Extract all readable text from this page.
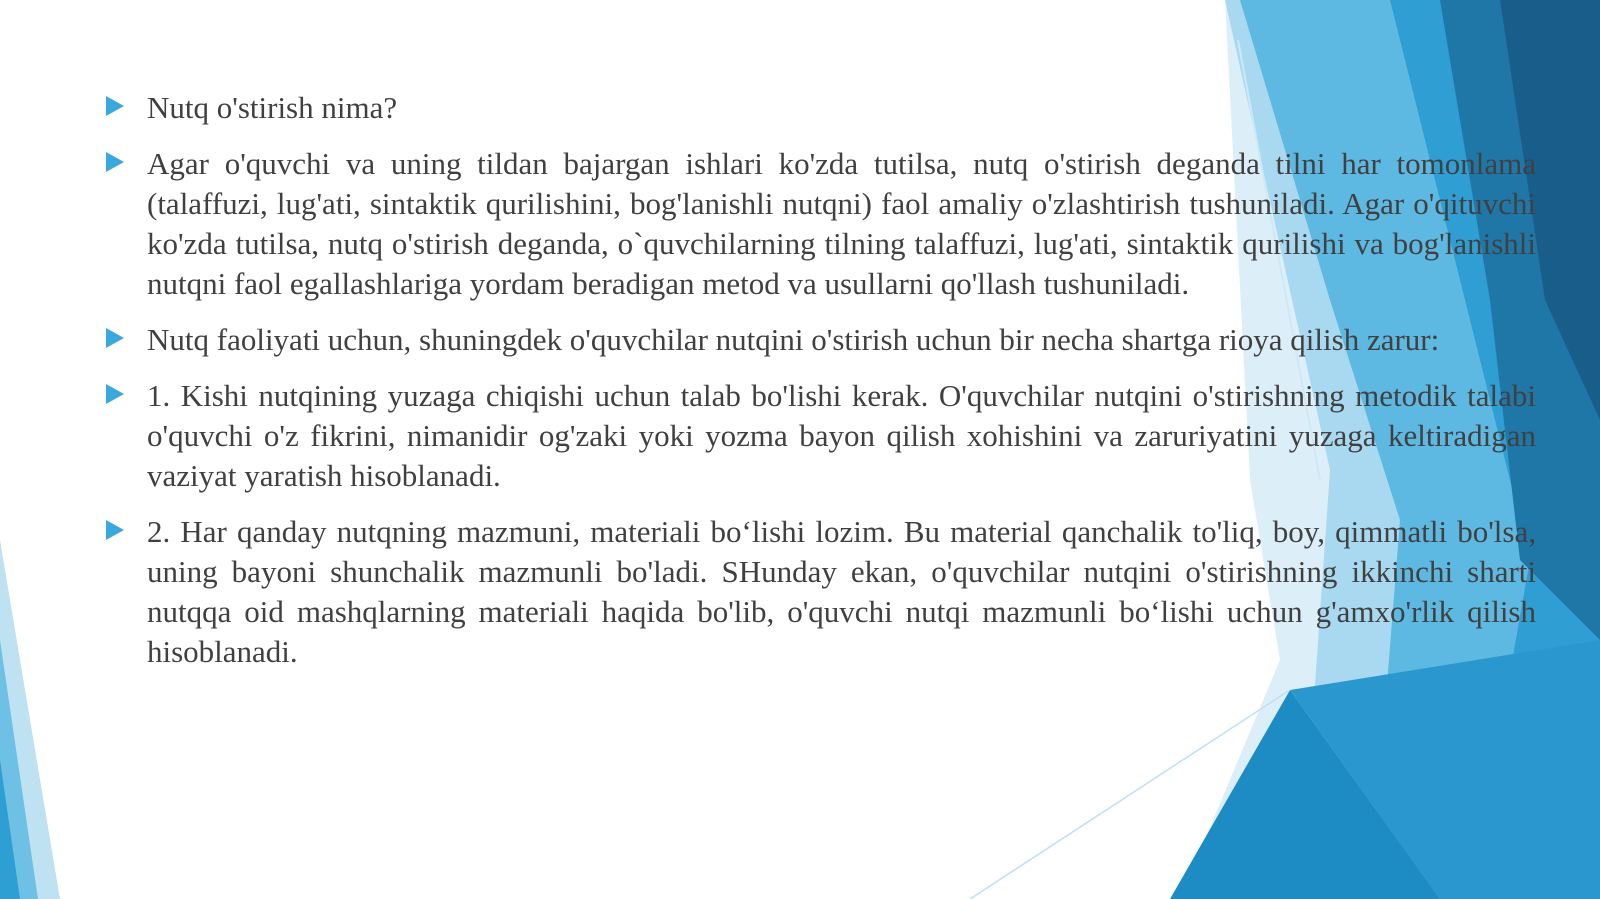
Nutq o'stirish nima?
Agar o'quvchi va uning tildan bajargan ishlari ko'zda tutilsa, nutq o'stirish deganda tilni har tomonlama (talaffuzi, lug'ati, sintaktik qurilishini, bog'lanishli nutqni) faol amaliy o'zlashtirish tushuniladi. Agar o'qituvchi ko'zda tutilsa, nutq o'stirish deganda, o`quvchilarning tilning talaffuzi, lug'ati, sintaktik qurilishi va bog'lanishli nutqni faol egallashlariga yordam beradigan metod va usullarni qo'llash tushuniladi.
Nutq faoliyati uchun, shuningdek o'quvchilar nutqini o'stirish uchun bir necha shartga rioya qilish zarur:
1. Kishi nutqining yuzaga chiqishi uchun talab bo'lishi kerak. O'quvchilar nutqini o'stirishning metodik talabi o'quvchi o'z fikrini, nimanidir og'zaki yoki yozma bayon qilish xohishini va zaruriyatini yuzaga keltiradigan vaziyat yaratish hisoblanadi.
2. Har qanday nutqning mazmuni, materiali bo‘lishi lozim. Bu material qanchalik to'liq, boy, qimmatli bo'lsa, uning bayoni shunchalik mazmunli bo'ladi. SHunday ekan, o'quvchilar nutqini o'stirishning ikkinchi sharti nutqqa oid mashqlarning materiali haqida bo'lib, o'quvchi nutqi mazmunli bo‘lishi uchun g'amxo'rlik qilish hisoblanadi.
